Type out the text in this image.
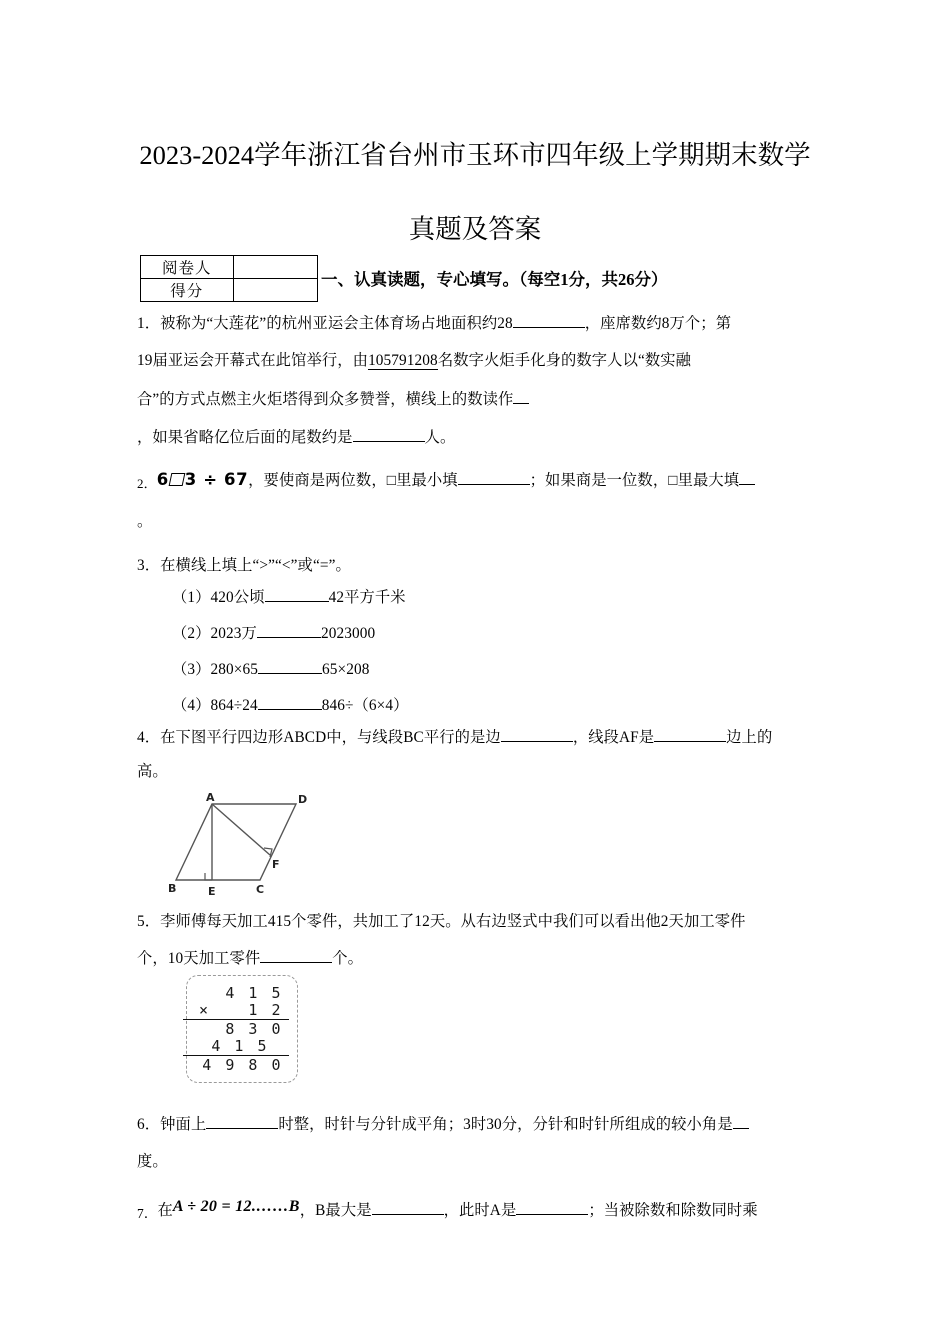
2023-2024学年浙江省台州市玉环市四年级上学期期末数学
真题及答案
阅卷人	
得分	
一、认真读题，专心填写。（每空1分，共26分）
1．被称为“大莲花”的杭州亚运会主体育场占地面积约28	，座席数约8万个；第
19届亚运会开幕式在此馆举行，由105791208名数字火炬手化身的数字人以“数实融
合”的方式点燃主火炬塔得到众多赞誉，横线上的数读作
，如果省略亿位后面的尾数约是	人。
2．6 3 ÷ 67，要使商是两位数，□里最小填	；如果商是一位数，□里最大填
。
3．在横线上填上“>”“<”或“=”。
（1）420公顷	42平方千米
（2）2023万	2023000
（3）280×65	65×208
（4）864÷24	846÷（6×4）
4．在下图平行四边形ABCD中，与线段BC平行的是边	，线段AF是	边上的
高。
A	D
B	C
E
F
5．李师傅每天加工415个零件，共加工了12天。从右边竖式中我们可以看出他2天加工零件
个，10天加工零件	个。
4 1 5
×	1 2
8 3 0
4 1 5
4 9 8 0
6．钟面上	时整，时针与分针成平角；3时30分，分针和时针所组成的较小角是
度。
7．在A ÷ 20 = 12.……B，B最大是	，此时A是	；当被除数和除数同时乘
